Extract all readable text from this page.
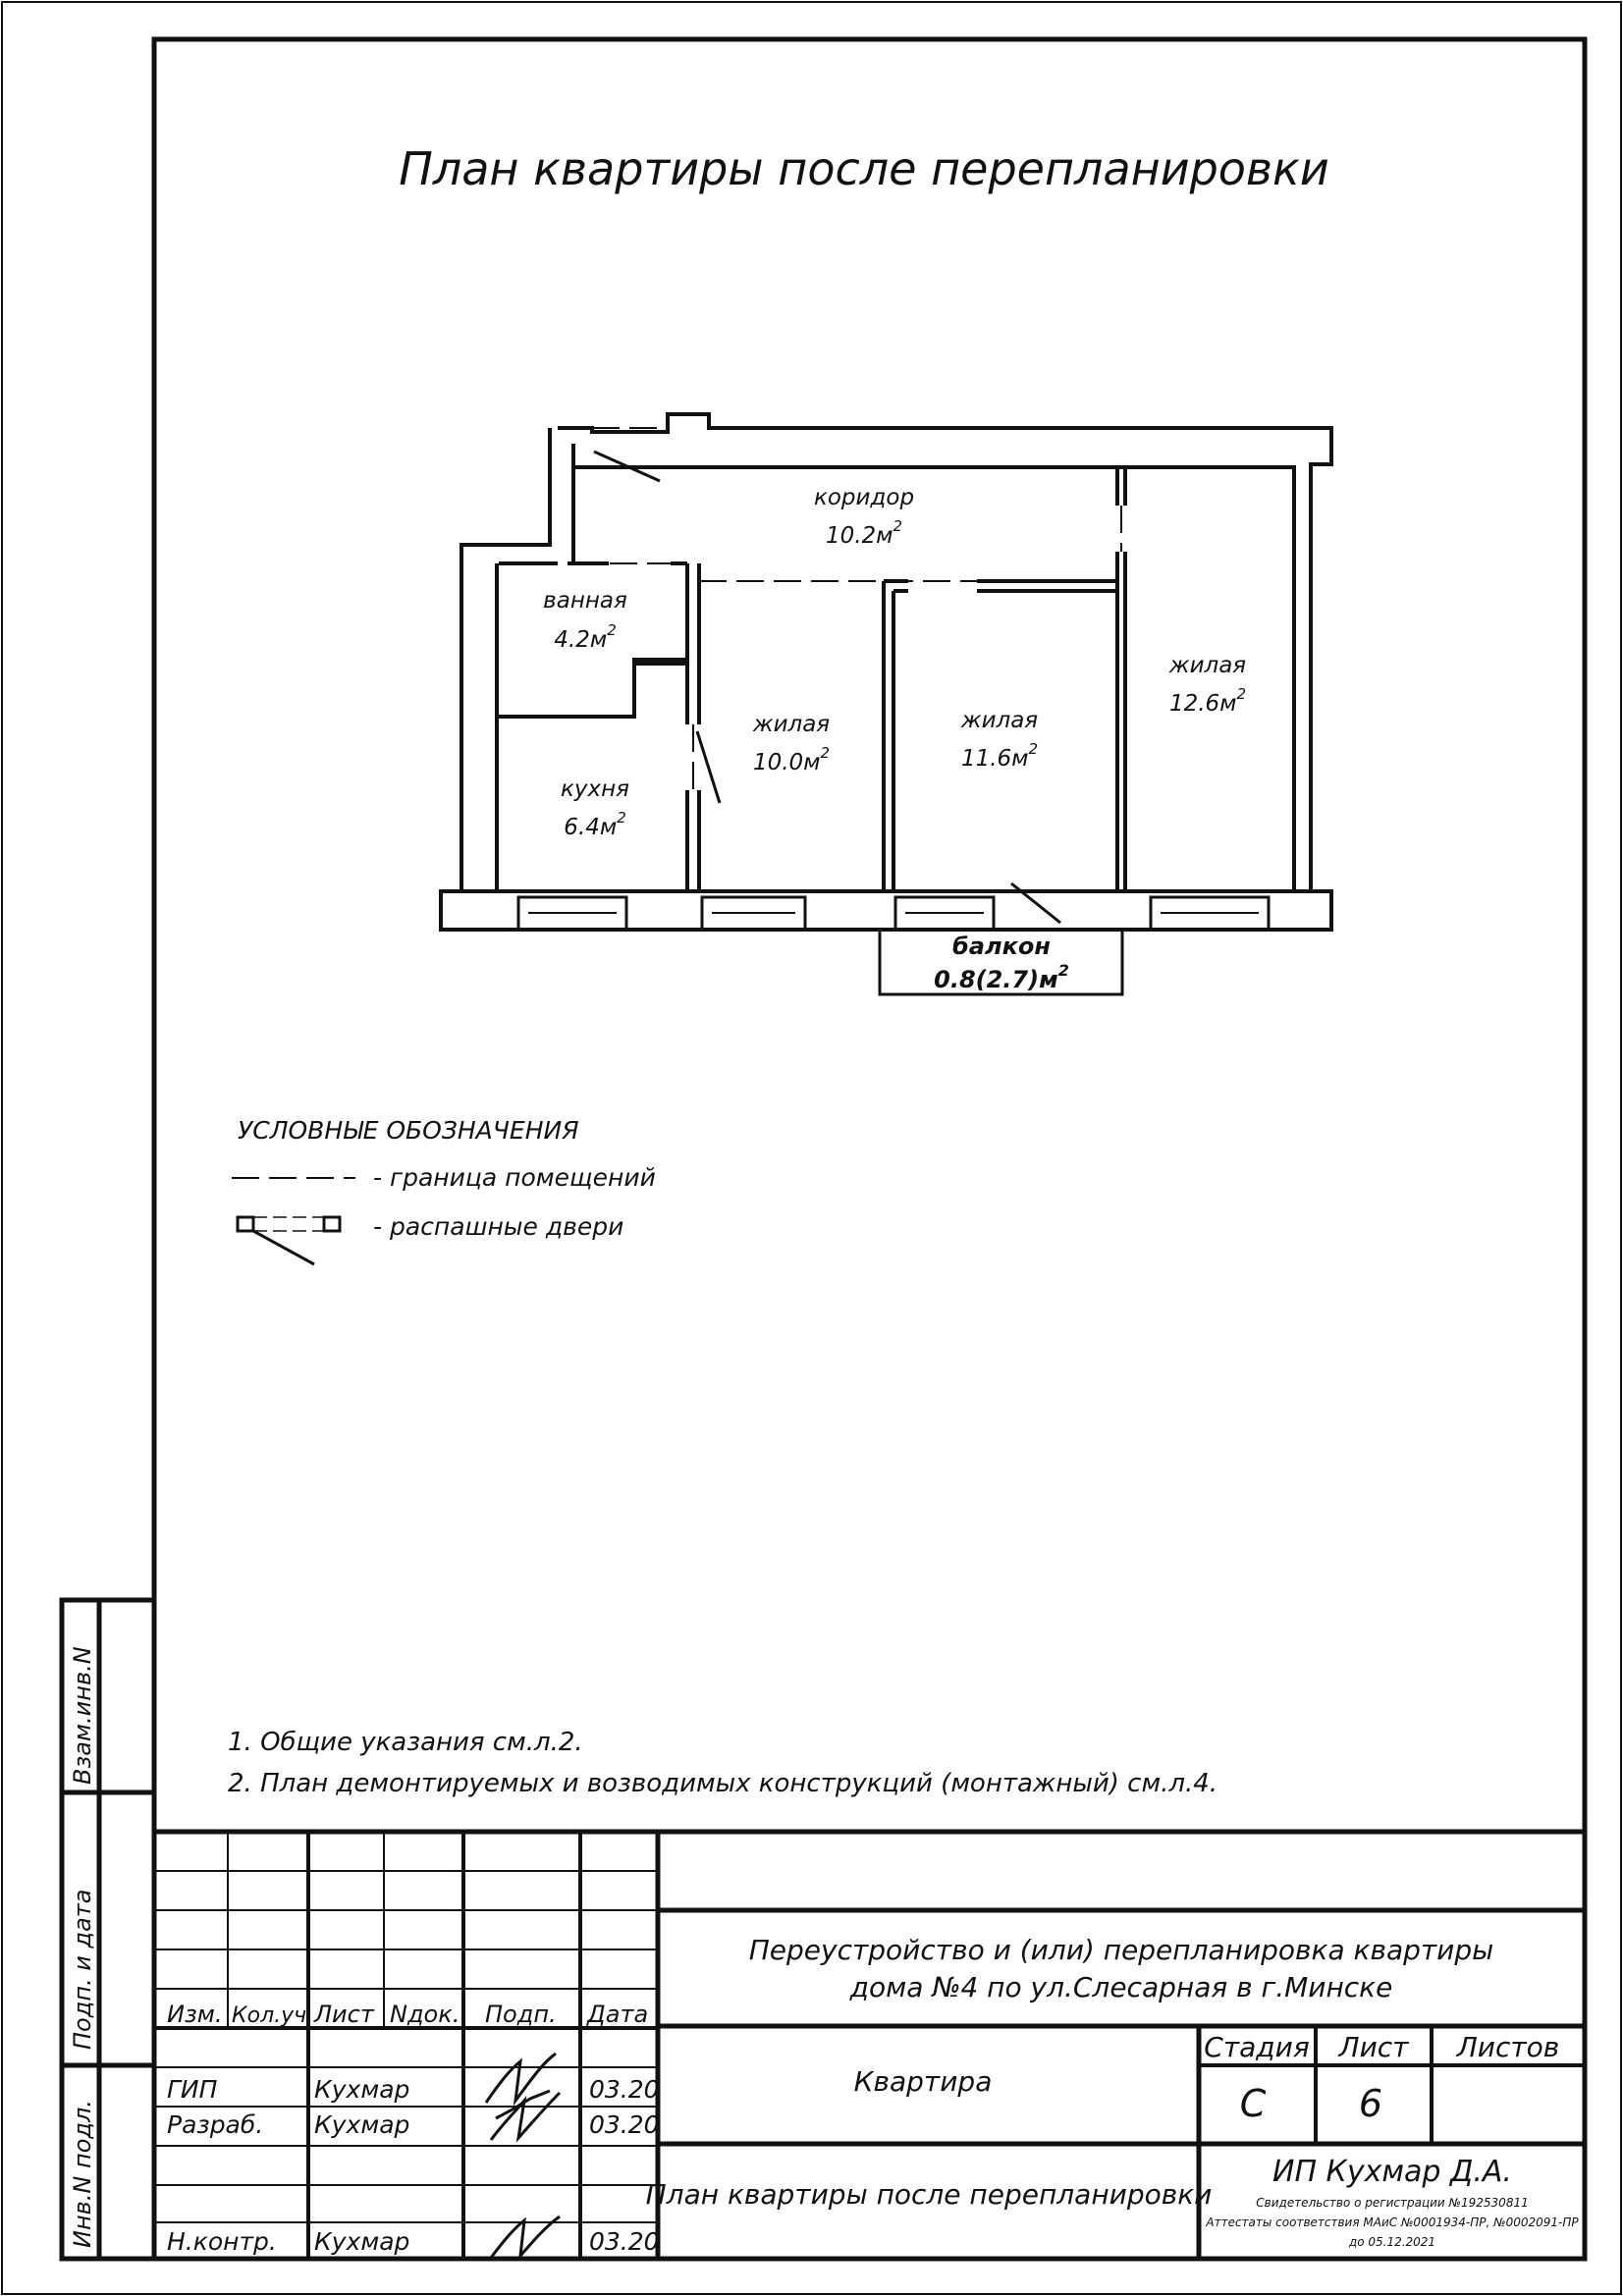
План квартиры после перепланировки
коридор
$10.2м^2$
ванная
$4.2м^2$
кухня
$6.4м^2$
жилая
$10.0м^2$
жилая
$11.6м^2$
жилая
$12.6м^2$
балкон
$0.8(2.7)м^2$
УСЛОВНЫЕ ОБОЗНАЧЕНИЯ
- граница помещений
- распашные двери
1. Общие указания см.л.2.
2. План демонтируемых и возводимых конструкций (монтажный) см.л.4.
Взам.инв.N
Подп. и дата
Инв.N подл.
Изм. Кол.уч. Лист Nдок. Подп. Дата
ГИП	Кухмар	03.20
Разраб. Кухмар	03.20
Н.контр. Кухмар	03.20
Переустройство и (или) перепланировка квартиры
дома №4 по ул.Слесарная в г.Минске
Квартира
План квартиры после перепланировки
Стадия Лист Листов
С 6
ИП Кухмар Д.А.
Свидетельство о регистрации №192530811
Аттестаты соответствия МАиС №0001934-ПР, №0002091-ПР
до 05.12.2021
